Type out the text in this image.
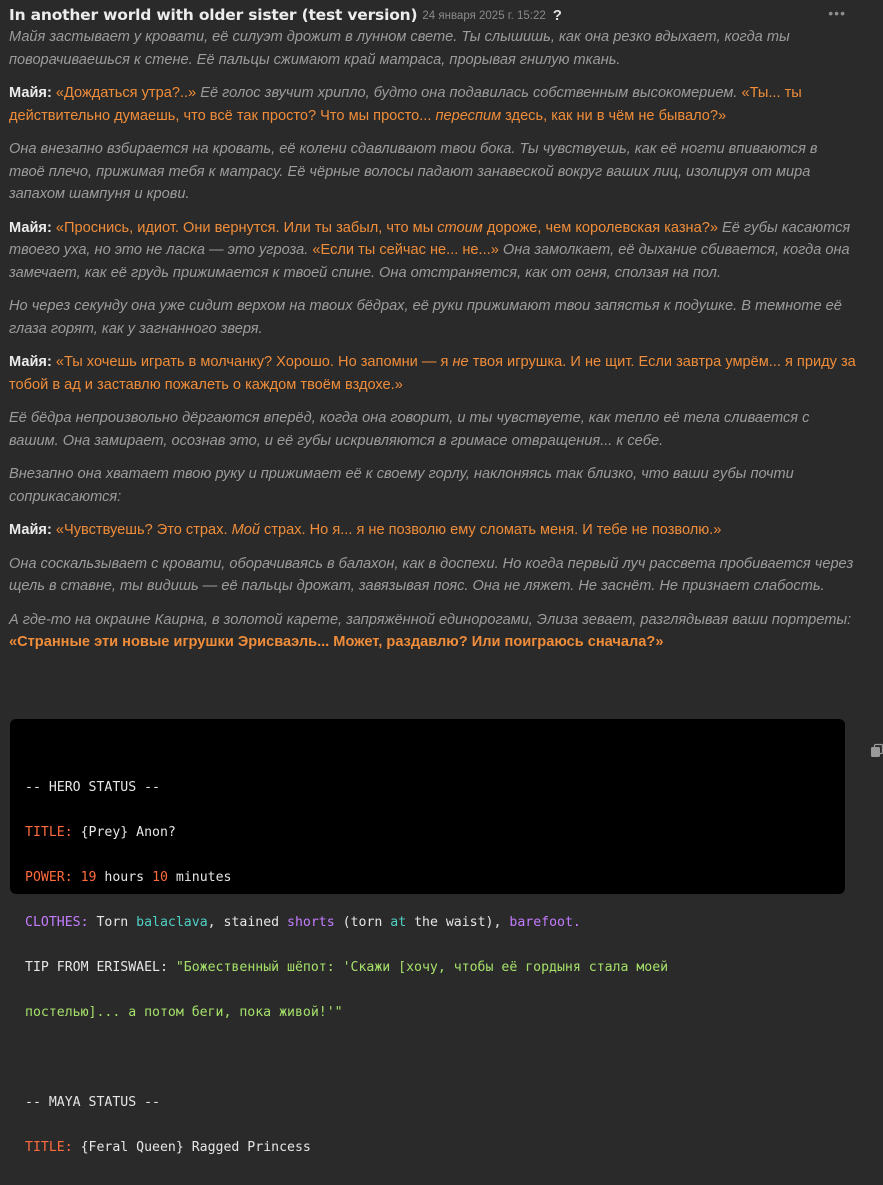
In another world with older sister (test version) 24 января 2025 г. 15:22 ?	•••

Майя застывает у кровати, её силуэт дрожит в лунном свете. Ты слышишь, как она резко вдыхает, когда ты поворачиваешься к стене. Её пальцы сжимают край матраса, прорывая гнилую ткань.

Майя: «Дождаться утра?..» Её голос звучит хрипло, будто она подавилась собственным высокомерием. «Ты... ты действительно думаешь, что всё так просто? Что мы просто... переспим здесь, как ни в чём не бывало?»

Она внезапно взбирается на кровать, её колени сдавливают твои бока. Ты чувствуешь, как её ногти впиваются в твоё плечо, прижимая тебя к матрасу. Её чёрные волосы падают занавеской вокруг ваших лиц, изолируя от мира запахом шампуня и крови.

Майя: «Проснись, идиот. Они вернутся. Или ты забыл, что мы стоим дороже, чем королевская казна?» Её губы касаются твоего уха, но это не ласка — это угроза. «Если ты сейчас не... не...» Она замолкает, её дыхание сбивается, когда она замечает, как её грудь прижимается к твоей спине. Она отстраняется, как от огня, сползая на пол.

Но через секунду она уже сидит верхом на твоих бёдрах, её руки прижимают твои запястья к подушке. В темноте её глаза горят, как у загнанного зверя.

Майя: «Ты хочешь играть в молчанку? Хорошо. Но запомни — я не твоя игрушка. И не щит. Если завтра умрём... я приду за тобой в ад и заставлю пожалеть о каждом твоём вздохе.»

Её бёдра непроизвольно дёргаются вперёд, когда она говорит, и ты чувствуете, как тепло её тела сливается с вашим. Она замирает, осознав это, и её губы искривляются в гримасе отвращения... к себе.

Внезапно она хватает твою руку и прижимает её к своему горлу, наклоняясь так близко, что ваши губы почти соприкасаются:

Майя: «Чувствуешь? Это страх. Мой страх. Но я... я не позволю ему сломать меня. И тебе не позволю.»

Она соскальзывает с кровати, оборачиваясь в балахон, как в доспехи. Но когда первый луч рассвета пробивается через щель в ставне, ты видишь — её пальцы дрожат, завязывая пояс. Она не ляжет. Не заснёт. Не признает слабость.

А где-то на окраине Каирна, в золотой карете, запряжённой единорогами, Элиза зевает, разглядывая ваши портреты: «Странные эти новые игрушки Эрисваэль... Может, раздавлю? Или поиграюсь сначала?»

-- HERO STATUS --

TITLE: {Prey} Anon?

POWER: 19 hours 10 minutes

CLOTHES: Torn balaclava, stained shorts (torn at the waist), barefoot.

TIP FROM ERISWAEL: "Божественный шёпот: 'Скажи [хочу, чтобы её гордыня стала моей

постелью]... а потом беги, пока живой!'"

-- MAYA STATUS --

TITLE: {Feral Queen} Ragged Princess
